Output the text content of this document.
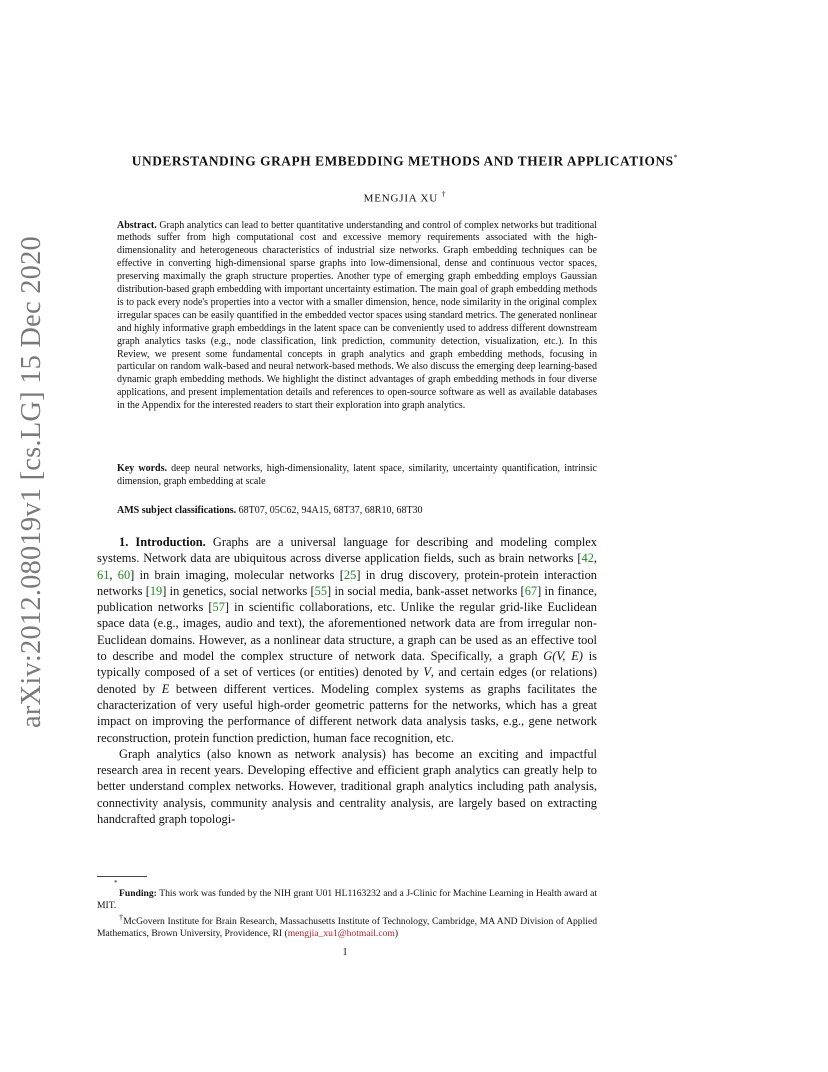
arXiv:2012.08019v1 [cs.LG] 15 Dec 2020
UNDERSTANDING GRAPH EMBEDDING METHODS AND THEIR APPLICATIONS*
MENGJIA XU †
Abstract. Graph analytics can lead to better quantitative understanding and control of complex networks but traditional methods suffer from high computational cost and excessive memory requirements associated with the high-dimensionality and heterogeneous characteristics of industrial size networks. Graph embedding techniques can be effective in converting high-dimensional sparse graphs into low-dimensional, dense and continuous vector spaces, preserving maximally the graph structure properties. Another type of emerging graph embedding employs Gaussian distribution-based graph embedding with important uncertainty estimation. The main goal of graph embedding methods is to pack every node's properties into a vector with a smaller dimension, hence, node similarity in the original complex irregular spaces can be easily quantified in the embedded vector spaces using standard metrics. The generated nonlinear and highly informative graph embeddings in the latent space can be conveniently used to address different downstream graph analytics tasks (e.g., node classification, link prediction, community detection, visualization, etc.). In this Review, we present some fundamental concepts in graph analytics and graph embedding methods, focusing in particular on random walk-based and neural network-based methods. We also discuss the emerging deep learning-based dynamic graph embedding methods. We highlight the distinct advantages of graph embedding methods in four diverse applications, and present implementation details and references to open-source software as well as available databases in the Appendix for the interested readers to start their exploration into graph analytics.
Key words. deep neural networks, high-dimensionality, latent space, similarity, uncertainty quantification, intrinsic dimension, graph embedding at scale
AMS subject classifications. 68T07, 05C62, 94A15, 68T37, 68R10, 68T30

1. Introduction. Graphs are a universal language for describing and modeling complex systems. Network data are ubiquitous across diverse application fields, such as brain networks [42, 61, 60] in brain imaging, molecular networks [25] in drug discovery, protein-protein interaction networks [19] in genetics, social networks [55] in social media, bank-asset networks [67] in finance, publication networks [57] in scientific collaborations, etc. Unlike the regular grid-like Euclidean space data (e.g., images, audio and text), the aforementioned network data are from irregular non-Euclidean domains. However, as a nonlinear data structure, a graph can be used as an effective tool to describe and model the complex structure of network data. Specifically, a graph G(V, E) is typically composed of a set of vertices (or entities) denoted by V, and certain edges (or relations) denoted by E between different vertices. Modeling complex systems as graphs facilitates the characterization of very useful high-order geometric patterns for the networks, which has a great impact on improving the performance of different network data analysis tasks, e.g., gene network reconstruction, protein function prediction, human face recognition, etc.

Graph analytics (also known as network analysis) has become an exciting and impactful research area in recent years. Developing effective and efficient graph analytics can greatly help to better understand complex networks. However, traditional graph analytics including path analysis, connectivity analysis, community analysis and centrality analysis, are largely based on extracting handcrafted graph topologi-

*

Funding: This work was funded by the NIH grant U01 HL1163232 and a J-Clinic for Machine Learning in Health award at MIT.

†McGovern Institute for Brain Research, Massachusetts Institute of Technology, Cambridge, MA AND Division of Applied Mathematics, Brown University, Providence, RI (mengjia_xu1@hotmail.com)

1
